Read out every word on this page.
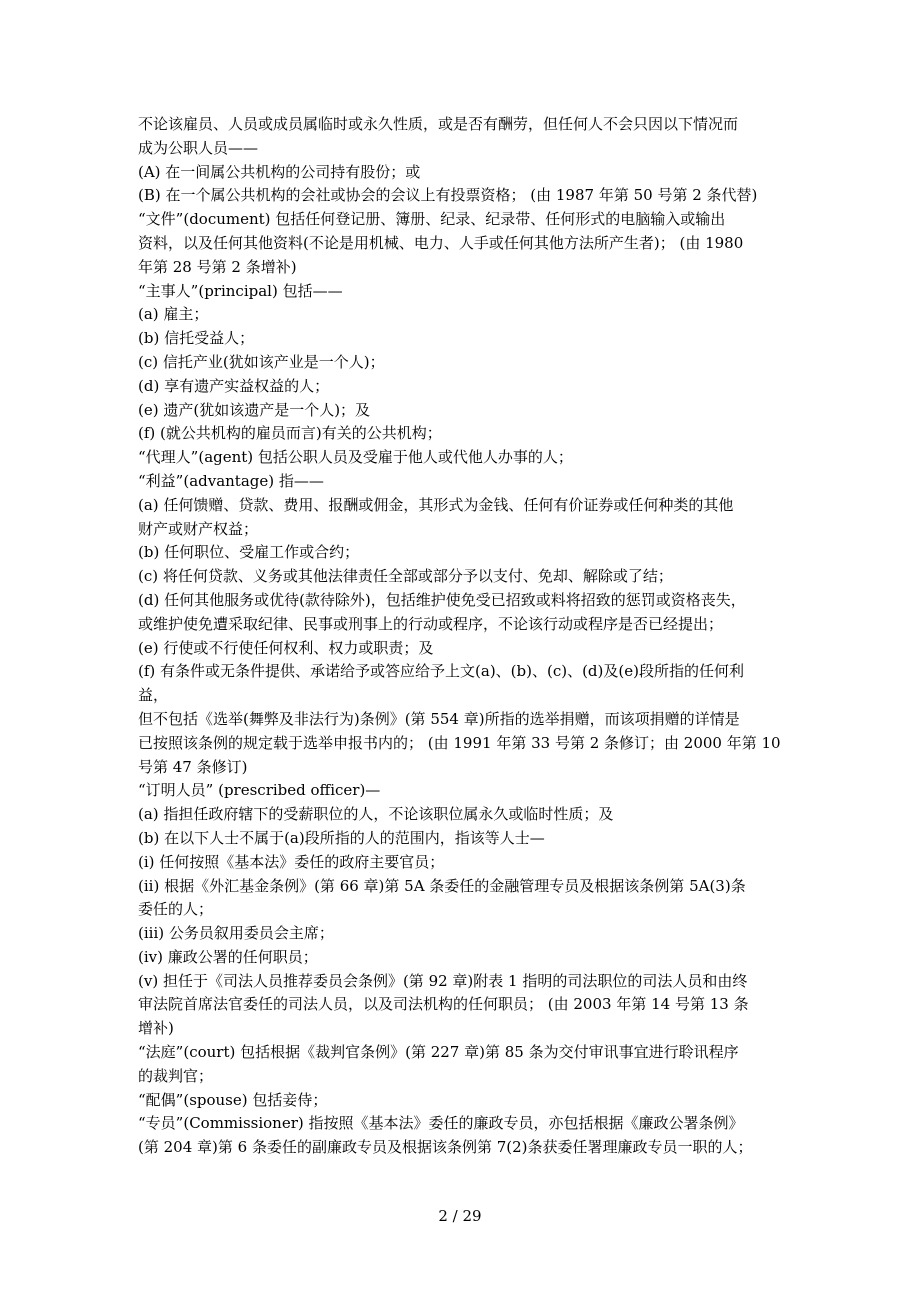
不论该雇员、人员或成员属临时或永久性质，或是否有酬劳，但任何人不会只因以下情况而
成为公职人员——
(A) 在一间属公共机构的公司持有股份；或
(B) 在一个属公共机构的会社或协会的会议上有投票资格； (由 1987 年第 50 号第 2 条代替)
“文件”(document) 包括任何登记册、簿册、纪录、纪录带、任何形式的电脑输入或输出
资料，以及任何其他资料(不论是用机械、电力、人手或任何其他方法所产生者)； (由 1980
年第 28 号第 2 条增补)
“主事人”(principal) 包括——
(a) 雇主；
(b) 信托受益人；
(c) 信托产业(犹如该产业是一个人)；
(d) 享有遗产实益权益的人；
(e) 遗产(犹如该遗产是一个人)；及
(f) (就公共机构的雇员而言)有关的公共机构；
“代理人”(agent) 包括公职人员及受雇于他人或代他人办事的人；
“利益”(advantage) 指——
(a) 任何馈赠、贷款、费用、报酬或佣金，其形式为金钱、任何有价证券或任何种类的其他
财产或财产权益；
(b) 任何职位、受雇工作或合约；
(c) 将任何贷款、义务或其他法律责任全部或部分予以支付、免却、解除或了结；
(d) 任何其他服务或优待(款待除外)，包括维护使免受已招致或料将招致的惩罚或资格丧失，
或维护使免遭采取纪律、民事或刑事上的行动或程序，不论该行动或程序是否已经提出；
(e) 行使或不行使任何权利、权力或职责；及
(f) 有条件或无条件提供、承诺给予或答应给予上文(a)、(b)、(c)、(d)及(e)段所指的任何利
益，
但不包括《选举(舞弊及非法行为)条例》(第 554 章)所指的选举捐赠，而该项捐赠的详情是
已按照该条例的规定载于选举申报书内的； (由 1991 年第 33 号第 2 条修订；由 2000 年第 10
号第 47 条修订)
“订明人员” (prescribed officer)—
(a) 指担任政府辖下的受薪职位的人，不论该职位属永久或临时性质；及
(b) 在以下人士不属于(a)段所指的人的范围内，指该等人士—
(i) 任何按照《基本法》委任的政府主要官员；
(ii) 根据《外汇基金条例》(第 66 章)第 5A 条委任的金融管理专员及根据该条例第 5A(3)条
委任的人；
(iii) 公务员叙用委员会主席；
(iv) 廉政公署的任何职员；
(v) 担任于《司法人员推荐委员会条例》(第 92 章)附表 1 指明的司法职位的司法人员和由终
审法院首席法官委任的司法人员，以及司法机构的任何职员； (由 2003 年第 14 号第 13 条
增补)
“法庭”(court) 包括根据《裁判官条例》(第 227 章)第 85 条为交付审讯事宜进行聆讯程序
的裁判官；
“配偶”(spouse) 包括妾侍；
“专员”(Commissioner) 指按照《基本法》委任的廉政专员，亦包括根据《廉政公署条例》
(第 204 章)第 6 条委任的副廉政专员及根据该条例第 7(2)条获委任署理廉政专员一职的人；
2 / 29
